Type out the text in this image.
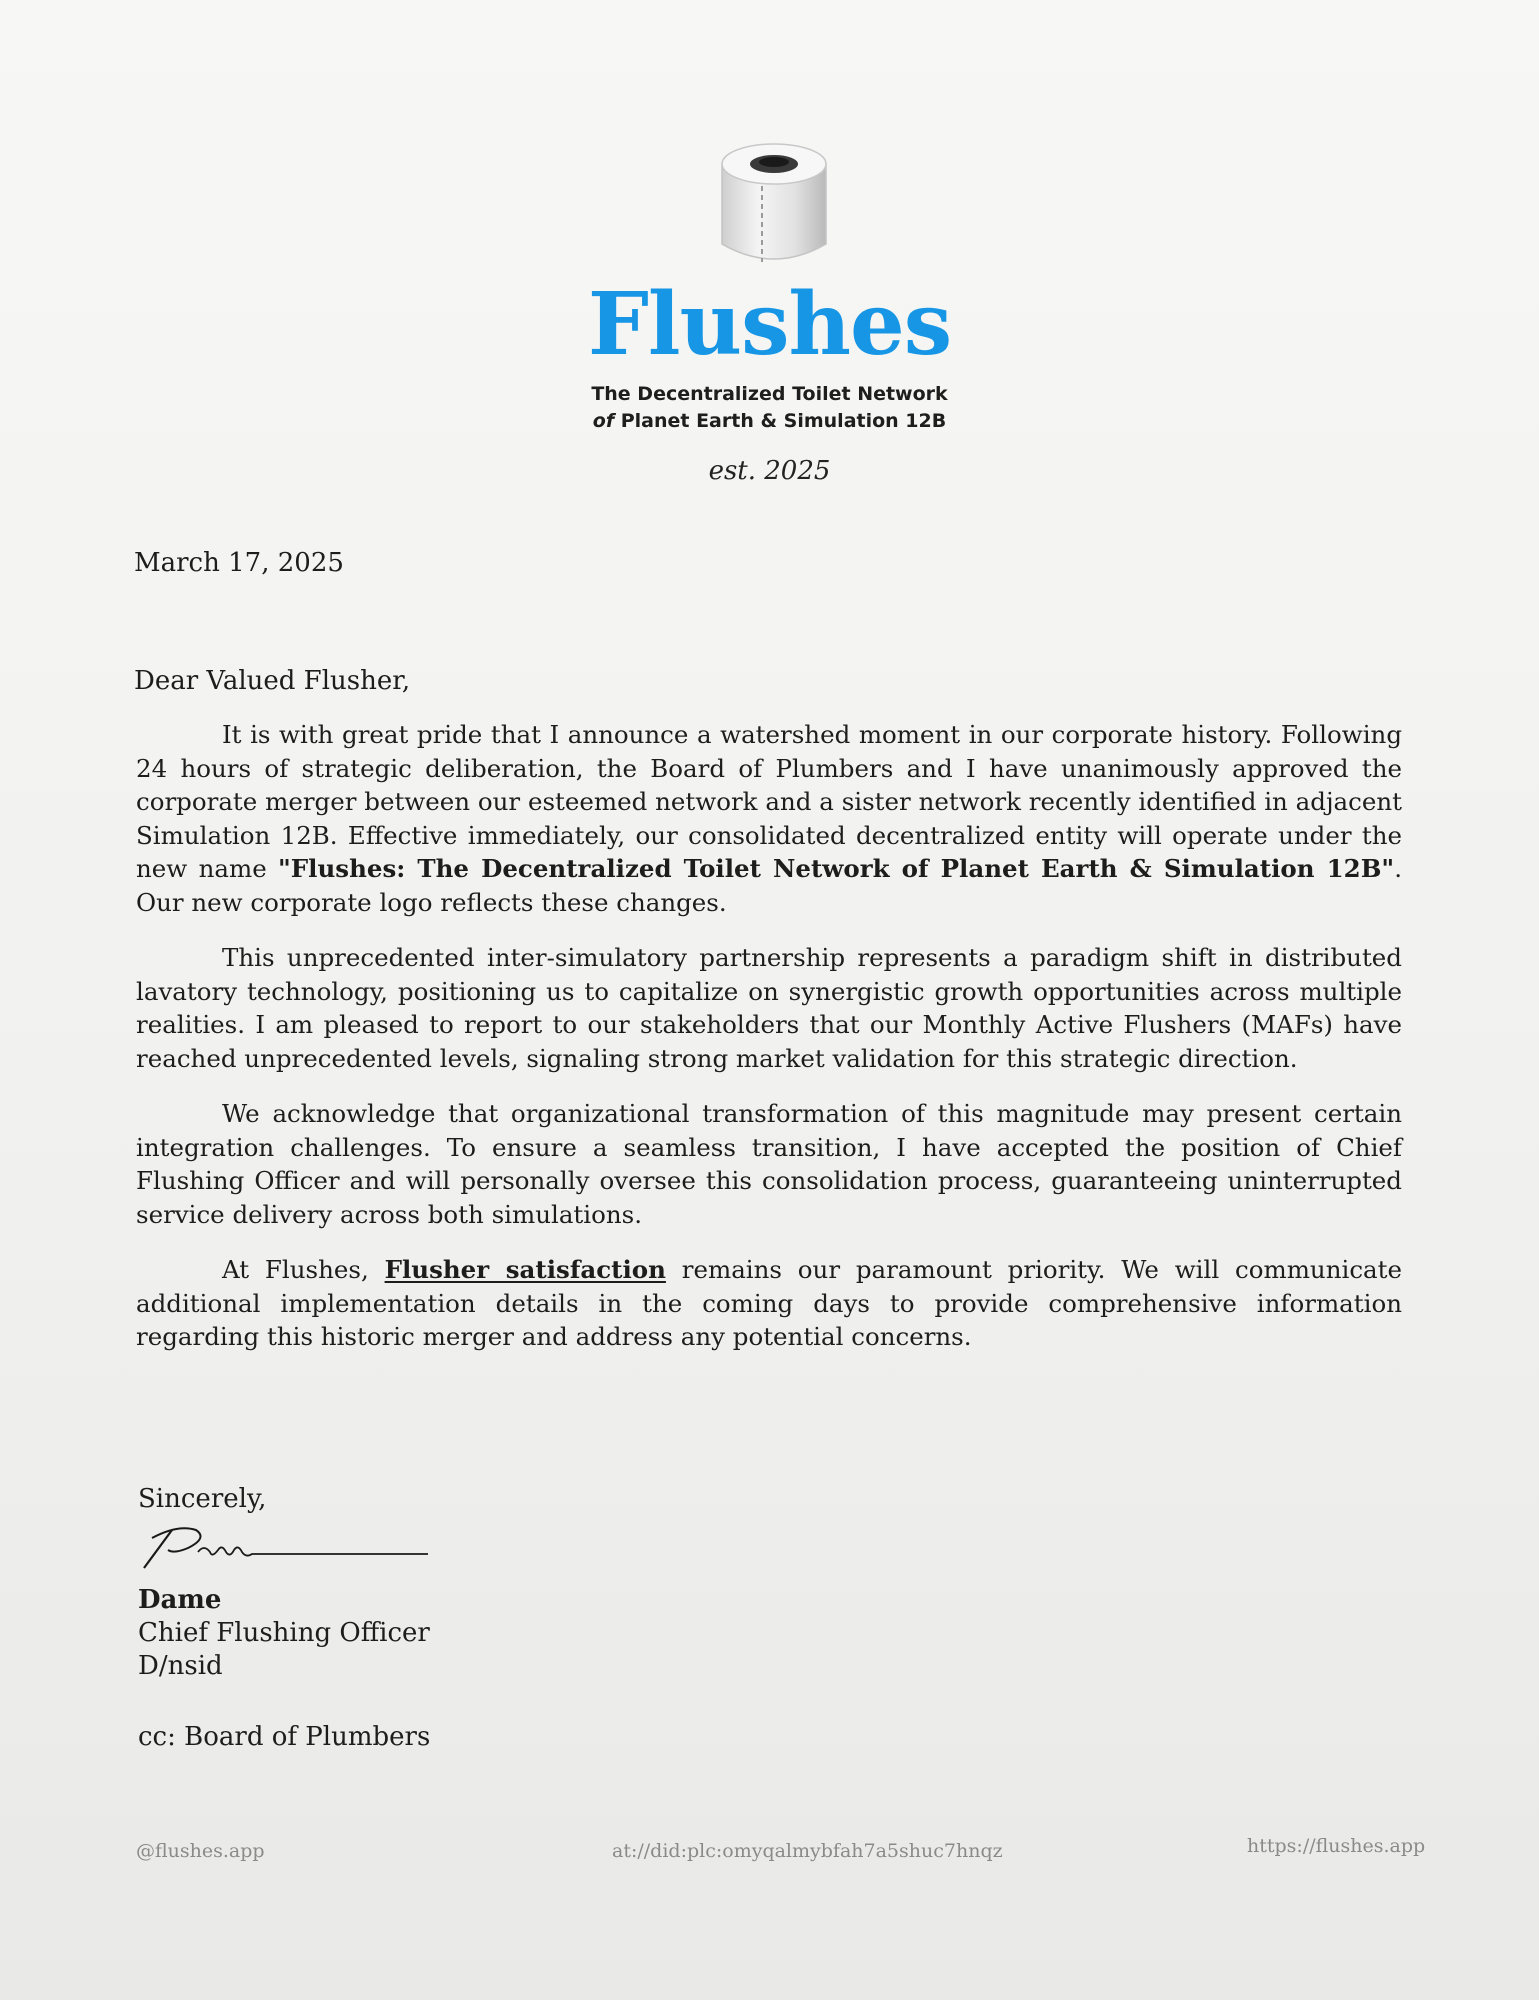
Flushes
The Decentralized Toilet Network
of Planet Earth & Simulation 12B
est. 2025
March 17, 2025
Dear Valued Flusher,

It is with great pride that I announce a watershed moment in our corporate history. Following 24 hours of strategic deliberation, the Board of Plumbers and I have unanimously approved the corporate merger between our esteemed network and a sister network recently identified in adjacent Simulation 12B. Effective immediately, our consolidated decentralized entity will operate under the new name "Flushes: The Decentralized Toilet Network of Planet Earth & Simulation 12B". Our new corporate logo reflects these changes.

This unprecedented inter-simulatory partnership represents a paradigm shift in distributed lavatory technology, positioning us to capitalize on synergistic growth opportunities across multiple realities. I am pleased to report to our stakeholders that our Monthly Active Flushers (MAFs) have reached unprecedented levels, signaling strong market validation for this strategic direction.

We acknowledge that organizational transformation of this magnitude may present certain integration challenges. To ensure a seamless transition, I have accepted the position of Chief Flushing Officer and will personally oversee this consolidation process, guaranteeing uninterrupted service delivery across both simulations.

At Flushes, Flusher satisfaction remains our paramount priority. We will communicate additional implementation details in the coming days to provide comprehensive information regarding this historic merger and address any potential concerns.

Sincerely,
Dame
Chief Flushing Officer
D/nsid
cc: Board of Plumbers
@flushes.app	at://did:plc:omyqalmybfah7a5shuc7hnqz	https://flushes.app
